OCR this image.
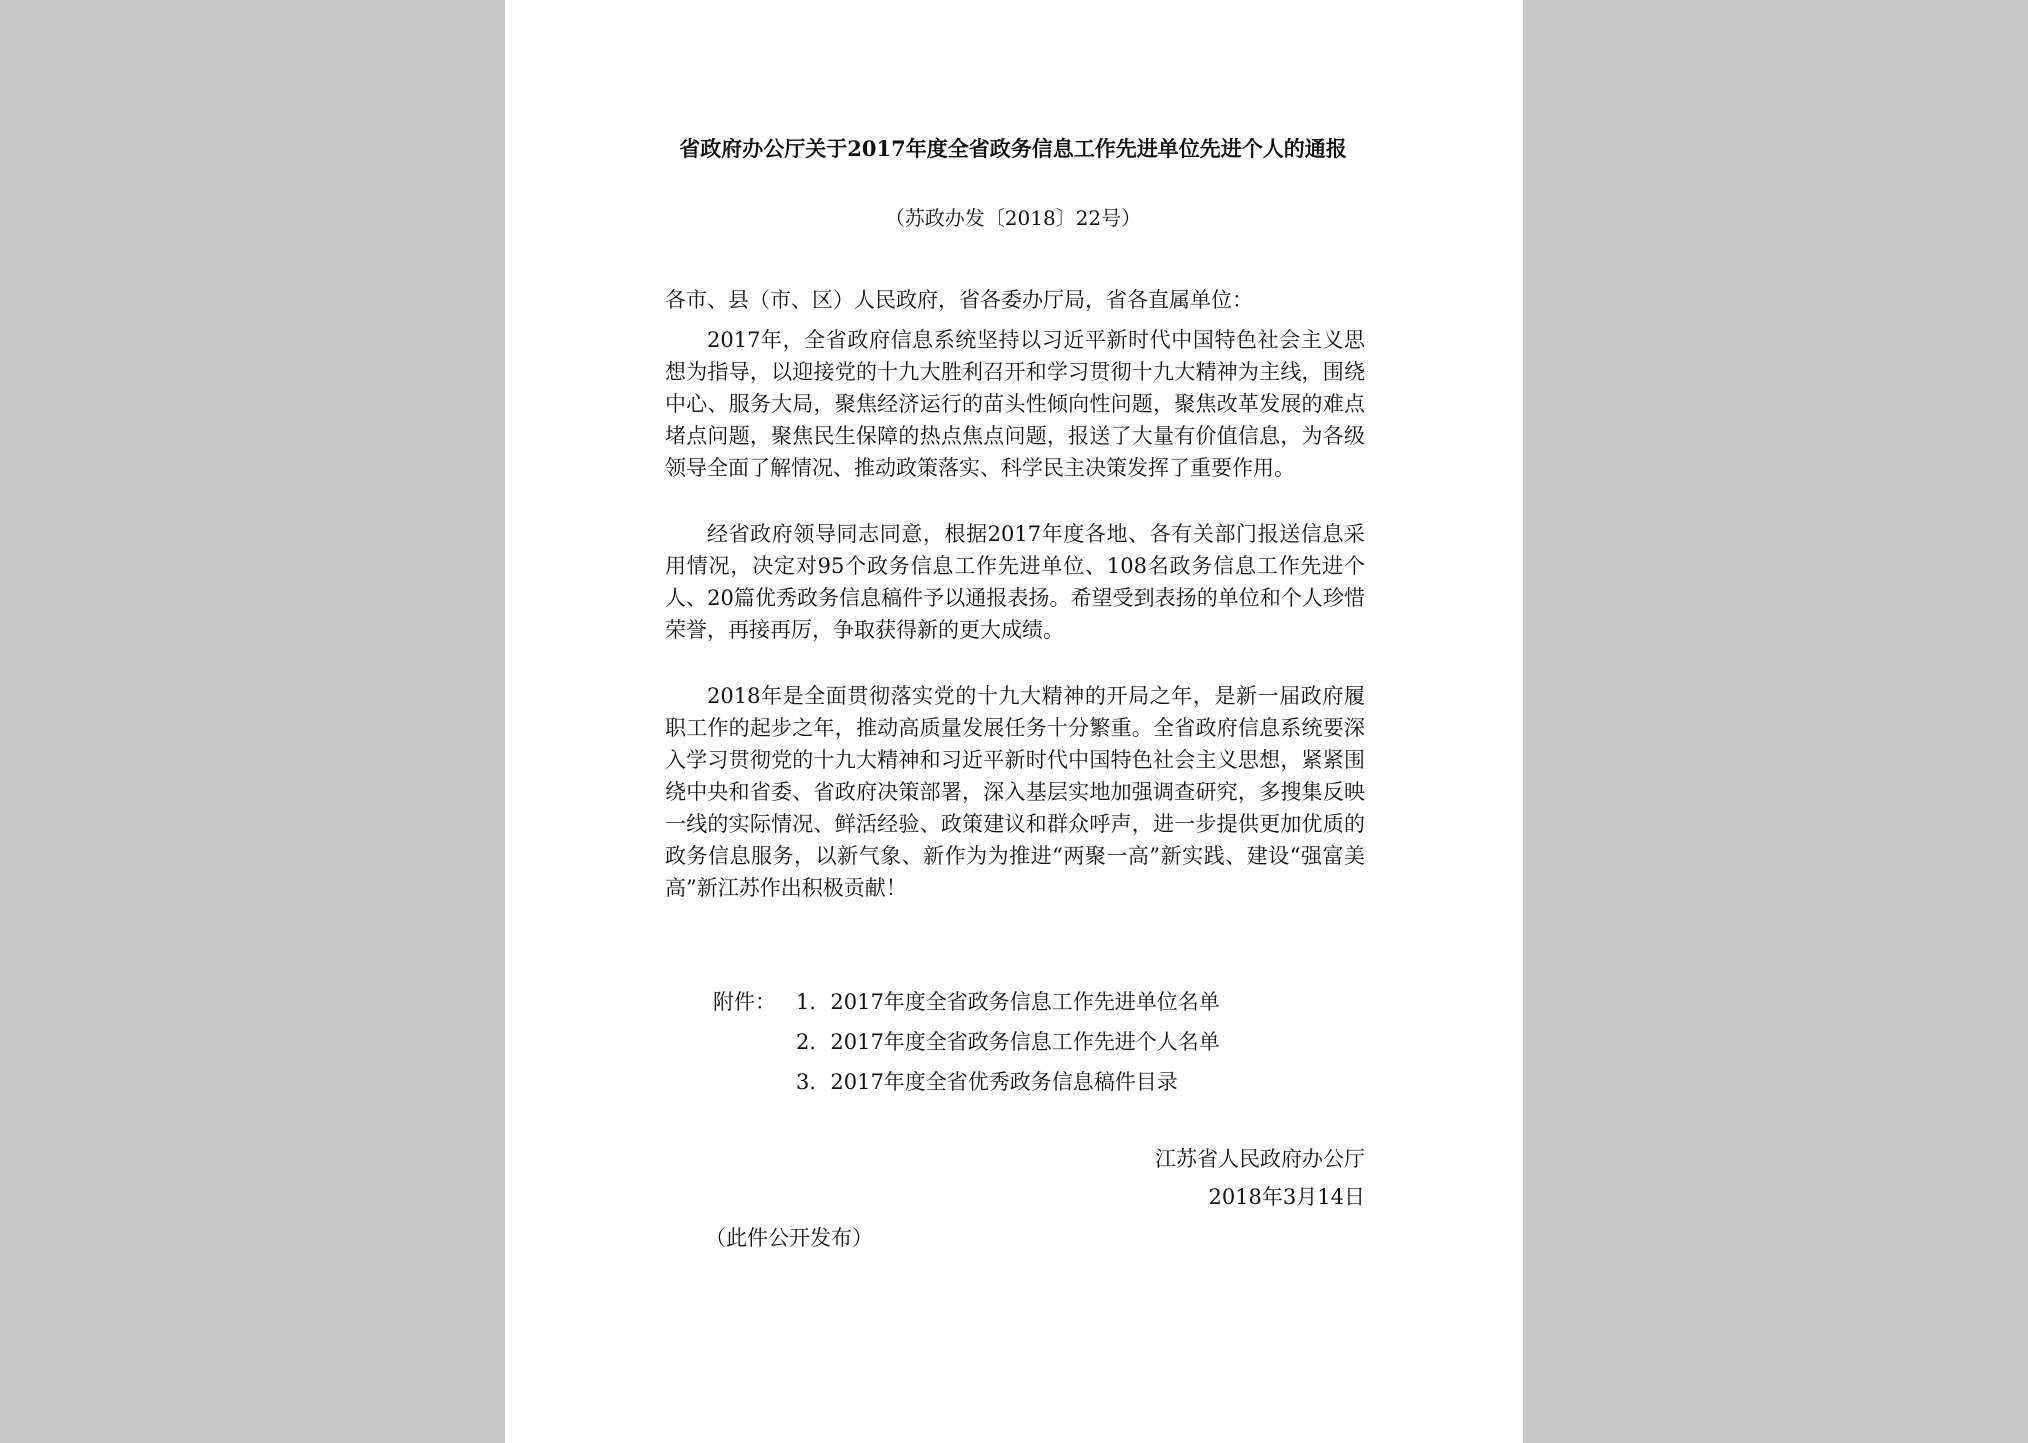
省政府办公厅关于2017年度全省政务信息工作先进单位先进个人的通报
（苏政办发〔2018〕22号）
各市、县（市、区）人民政府，省各委办厅局，省各直属单位：

2017年，全省政府信息系统坚持以习近平新时代中国特色社会主义思想为指导，以迎接党的十九大胜利召开和学习贯彻十九大精神为主线，围绕中心、服务大局，聚焦经济运行的苗头性倾向性问题，聚焦改革发展的难点堵点问题，聚焦民生保障的热点焦点问题，报送了大量有价值信息，为各级领导全面了解情况、推动政策落实、科学民主决策发挥了重要作用。

经省政府领导同志同意，根据2017年度各地、各有关部门报送信息采用情况，决定对95个政务信息工作先进单位、108名政务信息工作先进个人、20篇优秀政务信息稿件予以通报表扬。希望受到表扬的单位和个人珍惜荣誉，再接再厉，争取获得新的更大成绩。

2018年是全面贯彻落实党的十九大精神的开局之年，是新一届政府履职工作的起步之年，推动高质量发展任务十分繁重。全省政府信息系统要深入学习贯彻党的十九大精神和习近平新时代中国特色社会主义思想，紧紧围绕中央和省委、省政府决策部署，深入基层实地加强调查研究，多搜集反映一线的实际情况、鲜活经验、政策建议和群众呼声，进一步提供更加优质的政务信息服务，以新气象、新作为为推进“两聚一高”新实践、建设“强富美高”新江苏作出积极贡献！

附件： 1．2017年度全省政务信息工作先进单位名单
2．2017年度全省政务信息工作先进个人名单
3．2017年度全省优秀政务信息稿件目录
江苏省人民政府办公厅
2018年3月14日
（此件公开发布）
